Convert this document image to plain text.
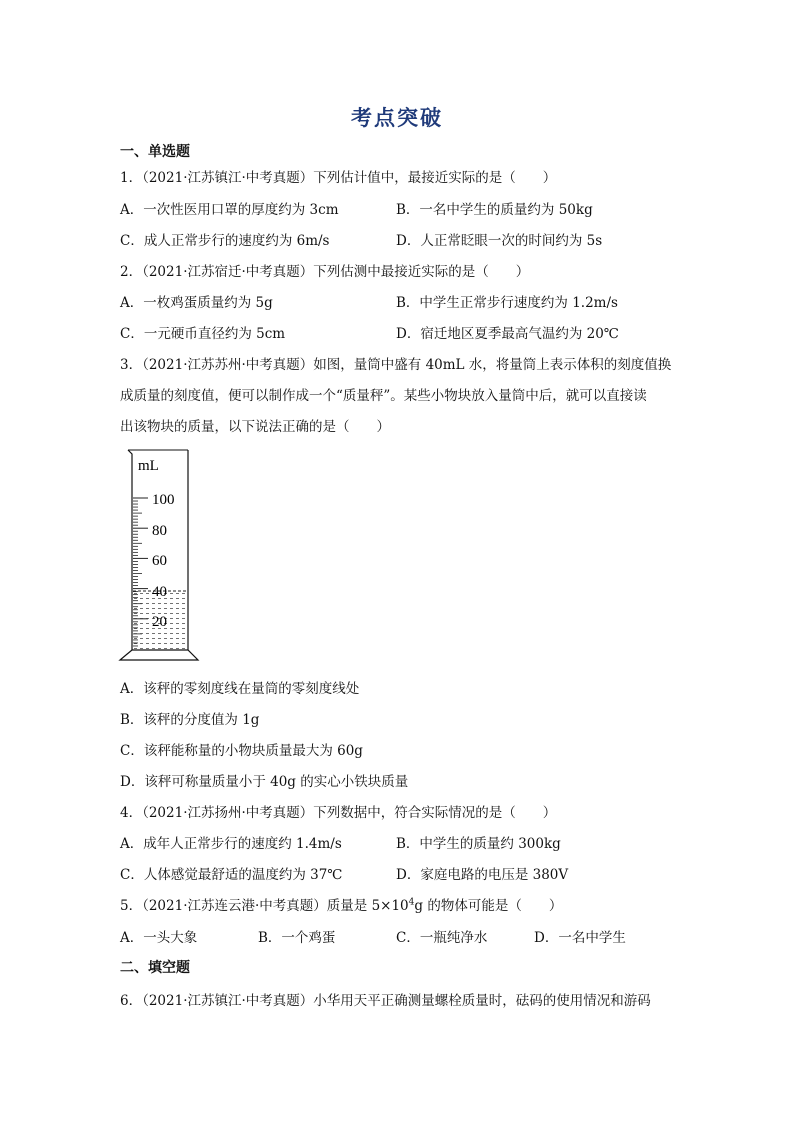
考点突破
一、单选题
1．（2021·江苏镇江·中考真题）下列估计值中，最接近实际的是（　　）
A．一次性医用口罩的厚度约为 3cm	B．一名中学生的质量约为 50kg
C．成人正常步行的速度约为 6m/s	D．人正常眨眼一次的时间约为 5s
2．（2021·江苏宿迁·中考真题）下列估测中最接近实际的是（　　）
A．一枚鸡蛋质量约为 5g	B．中学生正常步行速度约为 1.2m/s
C．一元硬币直径约为 5cm	D．宿迁地区夏季最高气温约为 20℃
3．（2021·江苏苏州·中考真题）如图，量筒中盛有 40mL 水，将量筒上表示体积的刻度值换
成质量的刻度值，便可以制作成一个“质量秤”。某些小物块放入量筒中后，就可以直接读
出该物块的质量，以下说法正确的是（　　）
mL
100
80
60
40
20
A．该秤的零刻度线在量筒的零刻度线处
B．该秤的分度值为 1g
C．该秤能称量的小物块质量最大为 60g
D．该秤可称量质量小于 40g 的实心小铁块质量
4．（2021·江苏扬州·中考真题）下列数据中，符合实际情况的是（　　）
A．成年人正常步行的速度约 1.4m/s	B．中学生的质量约 300kg
C．人体感觉最舒适的温度约为 37℃	D．家庭电路的电压是 380V
5．（2021·江苏连云港·中考真题）质量是 $5\times 10^4g$ 的物体可能是（　　）
A．一头大象	B．一个鸡蛋	C．一瓶纯净水	D．一名中学生
二、填空题
6．（2021·江苏镇江·中考真题）小华用天平正确测量螺栓质量时，砝码的使用情况和游码
